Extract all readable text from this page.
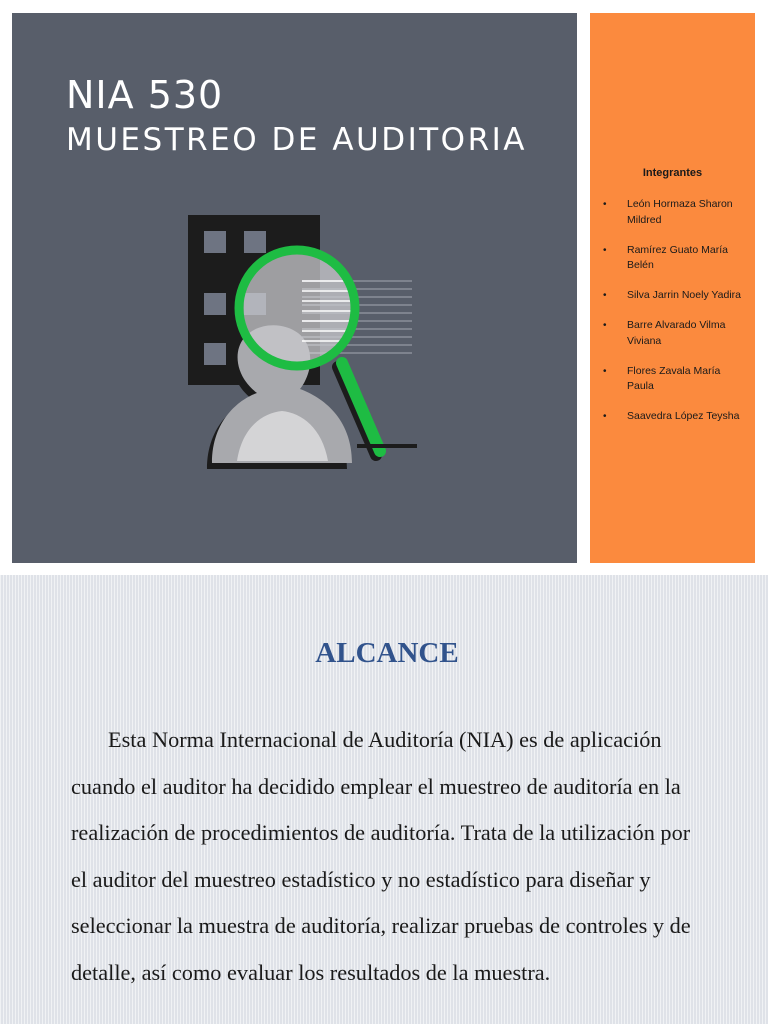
NIA 530
MUESTREO DE AUDITORIA

Integrantes

• León Hormaza Sharon Mildred
• Ramírez Guato María Belén
• Silva Jarrin Noely Yadira
• Barre Alvarado Vilma Viviana
• Flores Zavala María Paula
• Saavedra López Teysha
ALCANCE

Esta Norma Internacional de Auditoría (NIA) es de aplicación cuando el auditor ha decidido emplear el muestreo de auditoría en la realización de procedimientos de auditoría. Trata de la utilización por el auditor del muestreo estadístico y no estadístico para diseñar y seleccionar la muestra de auditoría, realizar pruebas de controles y de detalle, así como evaluar los resultados de la muestra.
